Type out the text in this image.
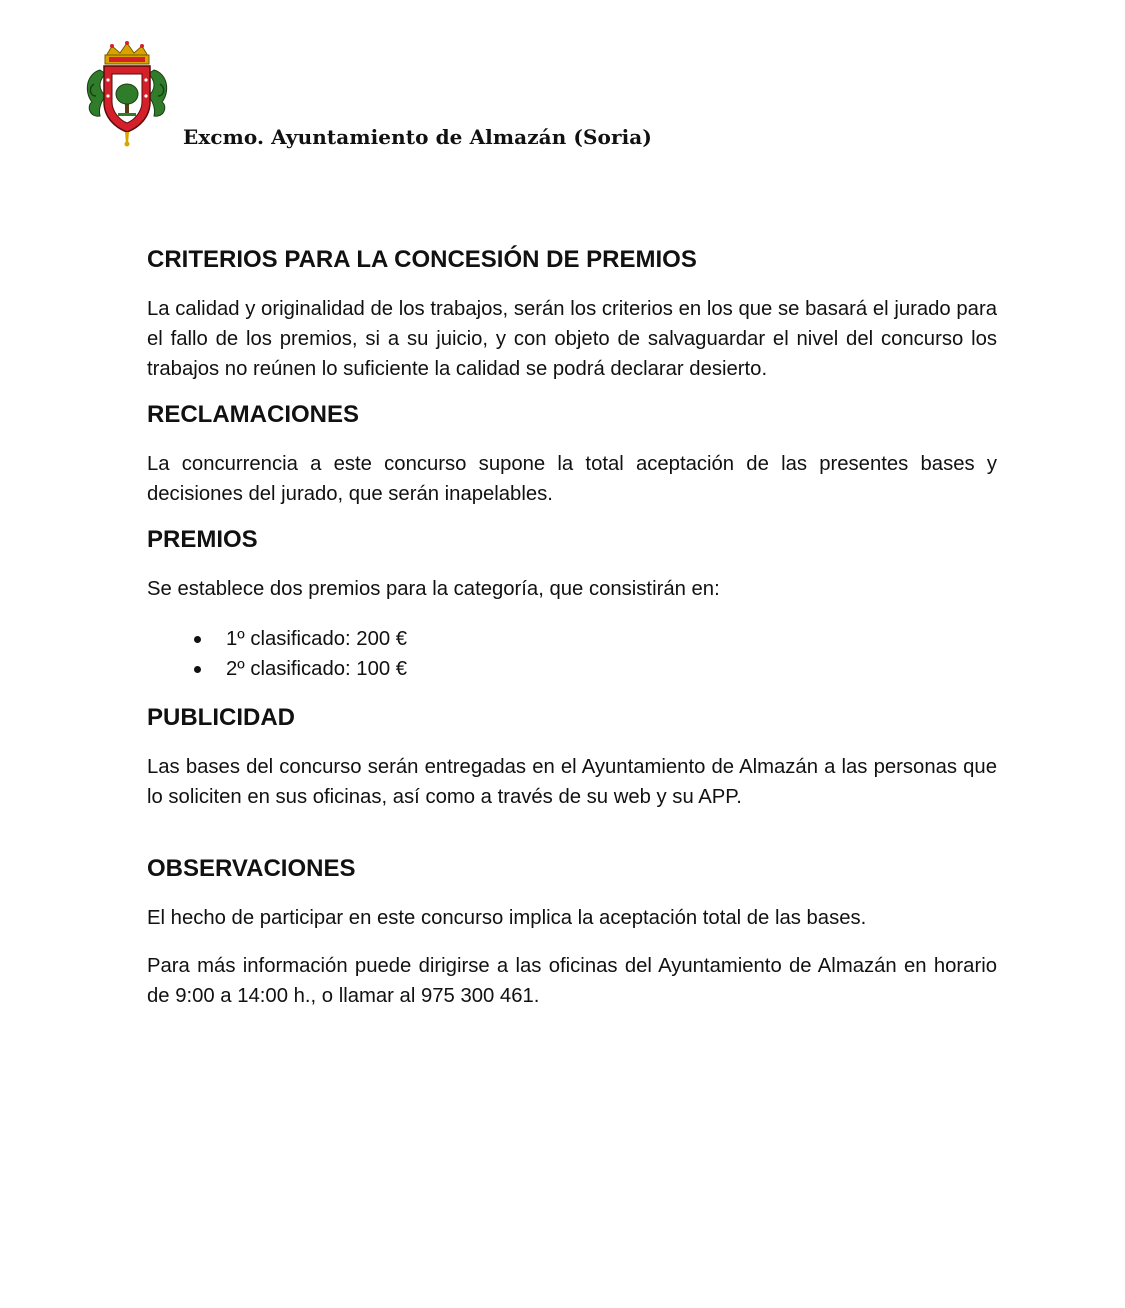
Excmo. Ayuntamiento de Almazán (Soria)
CRITERIOS PARA LA CONCESIÓN DE PREMIOS

La calidad y originalidad de los trabajos, serán los criterios en los que se basará el jurado para el fallo de los premios, si a su juicio, y con objeto de salvaguardar el nivel del concurso los trabajos no reúnen lo suficiente la calidad se podrá declarar desierto.

RECLAMACIONES

La concurrencia a este concurso supone la total aceptación de las presentes bases y decisiones del jurado, que serán inapelables.

PREMIOS

Se establece dos premios para la categoría, que consistirán en:

1º clasificado: 200 €
2º clasificado: 100 €
PUBLICIDAD

Las bases del concurso serán entregadas en el Ayuntamiento de Almazán a las personas que lo soliciten en sus oficinas, así como a través de su web y su APP.

OBSERVACIONES

El hecho de participar en este concurso implica la aceptación total de las bases.

Para más información puede dirigirse a las oficinas del Ayuntamiento de Almazán en horario de 9:00 a 14:00 h., o llamar al 975 300 461.
